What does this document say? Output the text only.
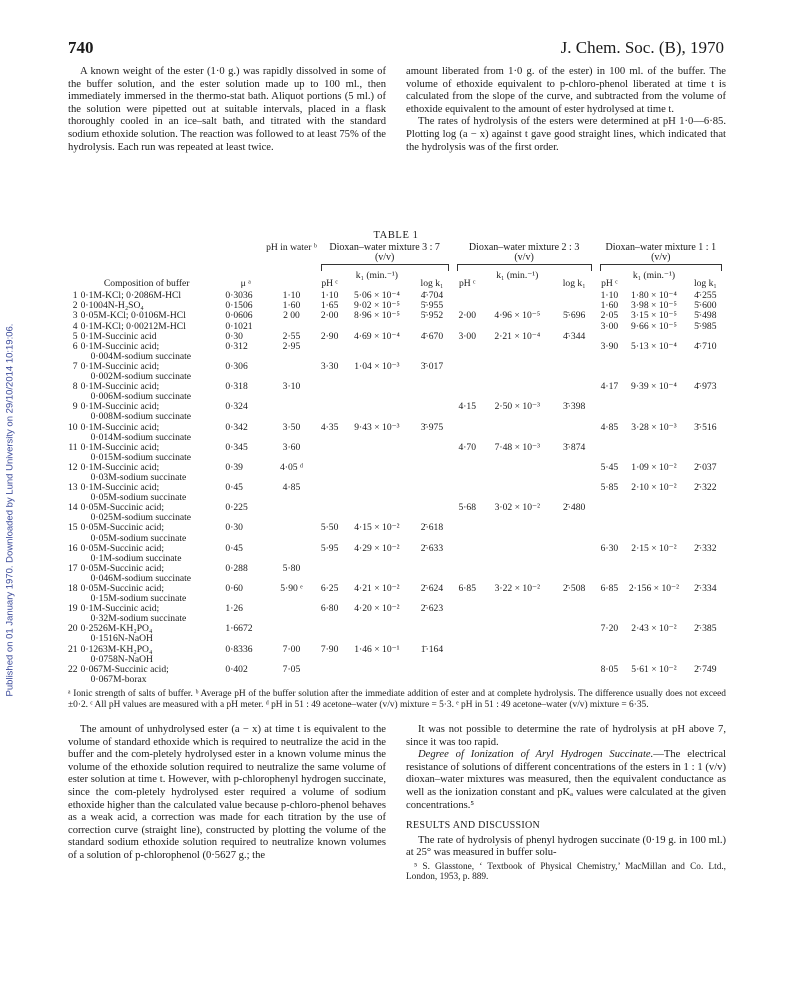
Published on 01 January 1970. Downloaded by Lund University on 29/10/2014 10:19:06.
740	J. Chem. Soc. (B), 1970

A known weight of the ester (1·0 g.) was rapidly dissolved in some of the buffer solution, and the ester solution made up to 100 ml., then immediately immersed in the thermo-stat bath. Aliquot portions (5 ml.) of the solution were pipetted out at suitable intervals, placed in a flask thoroughly cooled in an ice–salt bath, and titrated with the standard sodium ethoxide solution. The reaction was followed to at least 75% of the hydrolysis. Each run was repeated at least twice.

amount liberated from 1·0 g. of the ester) in 100 ml. of the buffer. The volume of ethoxide equivalent to p-chloro-phenol liberated at time t is calculated from the slope of the curve, and subtracted from the volume of ethoxide equivalent to the amount of ester hydrolysed at time t.

The rates of hydrolysis of the esters were determined at pH 1·0—6·85. Plotting log (a − x) against t gave good straight lines, which indicated that the hydrolysis was of the first order.

TABLE 1
			pH in water ᵇ	Dioxan–water mixture 3 : 7 (v/v)			Dioxan–water mixture 2 : 3 (v/v)			Dioxan–water mixture 1 : 1 (v/v)		

Composition of buffer		μ ᵃ		pH ᶜ	k₁ (min.⁻¹)	log k₁	pH ᶜ	k₁ (min.⁻¹)	log k₁	pH ᶜ	k₁ (min.⁻¹)	log k₁

1	0·1M-KCl; 0·2086M-HCl	0·3036	1·10	1·10	5·06 × 10⁻⁴	4̄·704				1·10	1·80 × 10⁻⁴	4̄·255
2	0·1004N-H₂SO₄	0·1506	1·60	1·65	9·02 × 10⁻⁵	5̄·955				1·60	3·98 × 10⁻⁵	5̄·600
3	0·05M-KCl; 0·0106M-HCl	0·0606	2 00	2·00	8·96 × 10⁻⁵	5̄·952	2·00	4·96 × 10⁻⁵	5̄·696	2·05	3·15 × 10⁻⁵	5̄·498
4	0·1M-KCl; 0·00212M-HCl	0·1021								3·00	9·66 × 10⁻⁵	5̄·985
5	0·1M-Succinic acid	0·30	2·55	2·90	4·69 × 10⁻⁴	4̄·670	3·00	2·21 × 10⁻⁴	4̄·344			
6	0·1M-Succinic acid;
0·004M-sodium succinate	0·312	2·95							3·90	5·13 × 10⁻⁴	4̄·710
7	0·1M-Succinic acid;
0·002M-sodium succinate	0·306		3·30	1·04 × 10⁻³	3̄·017						
8	0·1M-Succinic acid;
0·006M-sodium succinate	0·318	3·10							4·17	9·39 × 10⁻⁴	4̄·973
9	0·1M-Succinic acid;
0·008M-sodium succinate	0·324					4·15	2·50 × 10⁻³	3̄·398			
10	0·1M-Succinic acid;
0·014M-sodium succinate	0·342	3·50	4·35	9·43 × 10⁻³	3̄·975				4·85	3·28 × 10⁻³	3̄·516
11	0·1M-Succinic acid;
0·015M-sodium succinate	0·345	3·60				4·70	7·48 × 10⁻³	3̄·874			
12	0·1M-Succinic acid;
0·03M-sodium succinate	0·39	4·05 ᵈ							5·45	1·09 × 10⁻²	2̄·037
13	0·1M-Succinic acid;
0·05M-sodium succinate	0·45	4·85							5·85	2·10 × 10⁻²	2̄·322
14	0·05M-Succinic acid;
0·025M-sodium succinate	0·225					5·68	3·02 × 10⁻²	2̄·480			
15	0·05M-Succinic acid;
0·05M-sodium succinate	0·30		5·50	4·15 × 10⁻²	2̄·618						
16	0·05M-Succinic acid;
0·1M-sodium succinate	0·45		5·95	4·29 × 10⁻²	2̄·633				6·30	2·15 × 10⁻²	2̄·332
17	0·05M-Succinic acid;
0·046M-sodium succinate	0·288	5·80									
18	0·05M-Succinic acid;
0·15M-sodium succinate	0·60	5·90 ᵉ	6·25	4·21 × 10⁻²	2̄·624	6·85	3·22 × 10⁻²	2̄·508	6·85	2·156 × 10⁻²	2̄·334
19	0·1M-Succinic acid;
0·32M-sodium succinate	1·26		6·80	4·20 × 10⁻²	2̄·623						
20	0·2526M-KH₂PO₄
0·1516N-NaOH	1·6672								7·20	2·43 × 10⁻²	2̄·385
21	0·1263M-KH₂PO₄
0·0758N-NaOH	0·8336	7·00	7·90	1·46 × 10⁻¹	1̄·164						
22	0·067M-Succinic acid;
0·067M-borax	0·402	7·05							8·05	5·61 × 10⁻²	2̄·749
ᵃ Ionic strength of salts of buffer. ᵇ Average pH of the buffer solution after the immediate addition of ester and at complete hydrolysis. The difference usually does not exceed ±0·2. ᶜ All pH values are measured with a pH meter. ᵈ pH in 51 : 49 acetone–water (v/v) mixture = 5·3. ᵉ pH in 51 : 49 acetone–water (v/v) mixture = 6·35.

The amount of unhydrolysed ester (a − x) at time t is equivalent to the volume of standard ethoxide which is required to neutralize the acid in the buffer and the com-pletely hydrolysed ester in a known volume minus the volume of the ethoxide solution required to neutralize the same volume of ester solution at time t. However, with p-chlorophenyl hydrogen succinate, since the com-pletely hydrolysed ester required a volume of sodium ethoxide higher than the calculated value because p-chloro-phenol behaves as a weak acid, a correction was made for each titration by the use of correction curve (straight line), constructed by plotting the volume of the standard sodium ethoxide solution required to neutralize known volumes of a solution of p-chlorophenol (0·5627 g.; the

It was not possible to determine the rate of hydrolysis at pH above 7, since it was too rapid.

Degree of Ionization of Aryl Hydrogen Succinate.—The electrical resistance of solutions of different concentrations of the esters in 1 : 1 (v/v) dioxan–water mixtures was measured, then the equivalent conductance as well as the ionization constant and pKₐ values were calculated at the given concentrations.⁵

RESULTS AND DISCUSSION

The rate of hydrolysis of phenyl hydrogen succinate (0·19 g. in 100 ml.) at 25° was measured in buffer solu-

⁵ S. Glasstone, ‘ Textbook of Physical Chemistry,’ MacMillan and Co. Ltd., London, 1953, p. 889.
